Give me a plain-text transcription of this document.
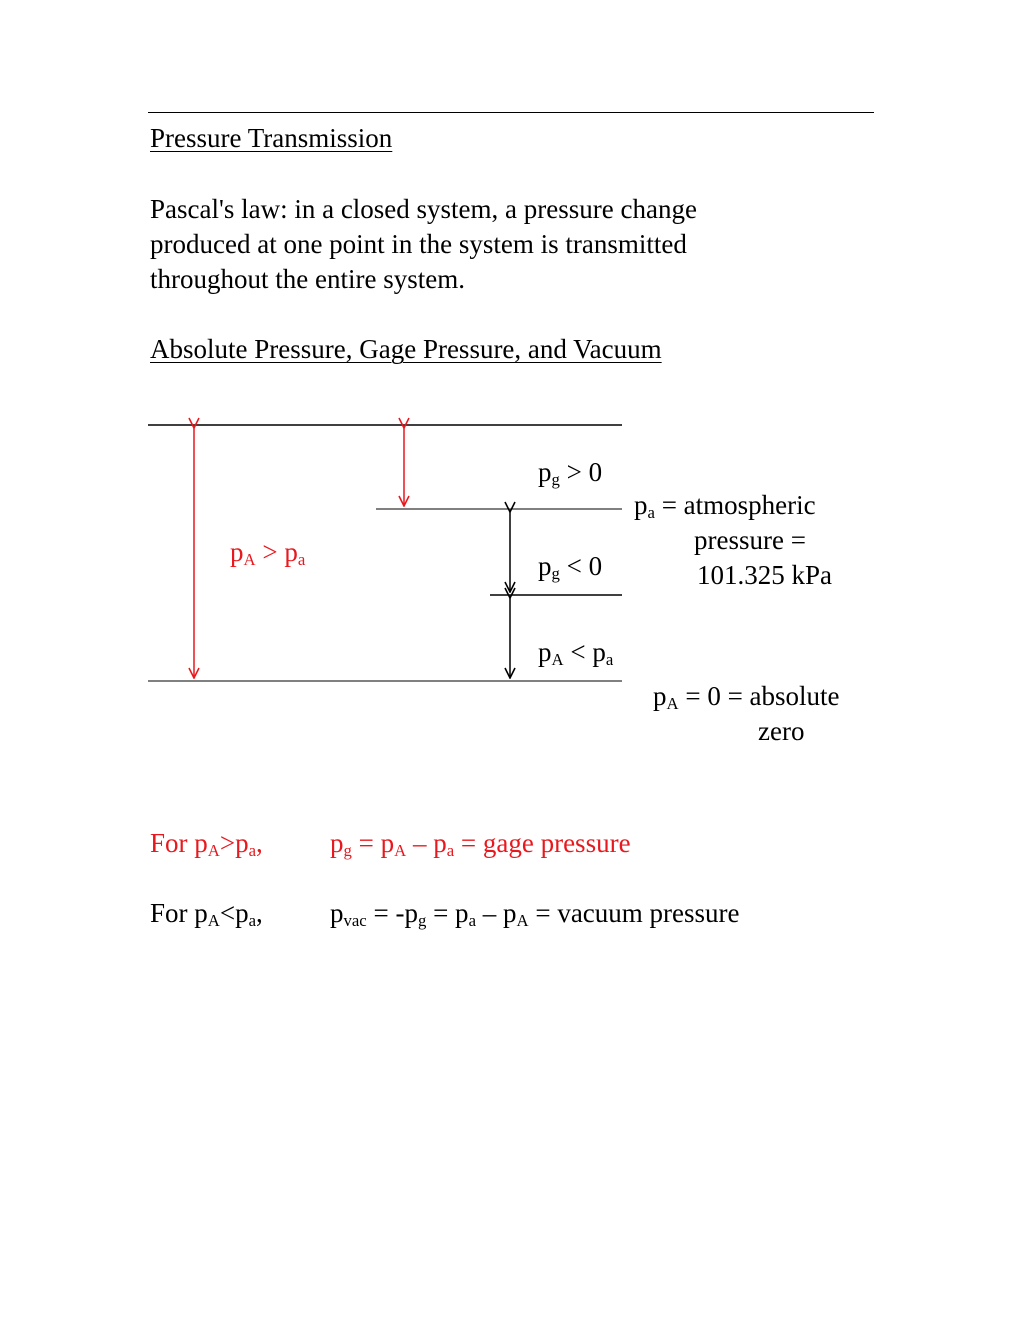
Pressure Transmission

Pascal's law: in a closed system, a pressure change

produced at one point in the system is transmitted

throughout the entire system.

Absolute Pressure, Gage Pressure, and Vacuum
$p_g > 0$
$p_a$ = atmospheric
pressure =
101.325 kPa
$p_A > p_a$	$p_g < 0$
$p_A < p_a$
$p_A = 0$ = absolute
zero
For $p_A>p_a$, $p_g = p_A - p_a$ = gage pressure
For $p_A<p_a$, $p_{vac} = -p_g = p_a - p_A$ = vacuum pressure
